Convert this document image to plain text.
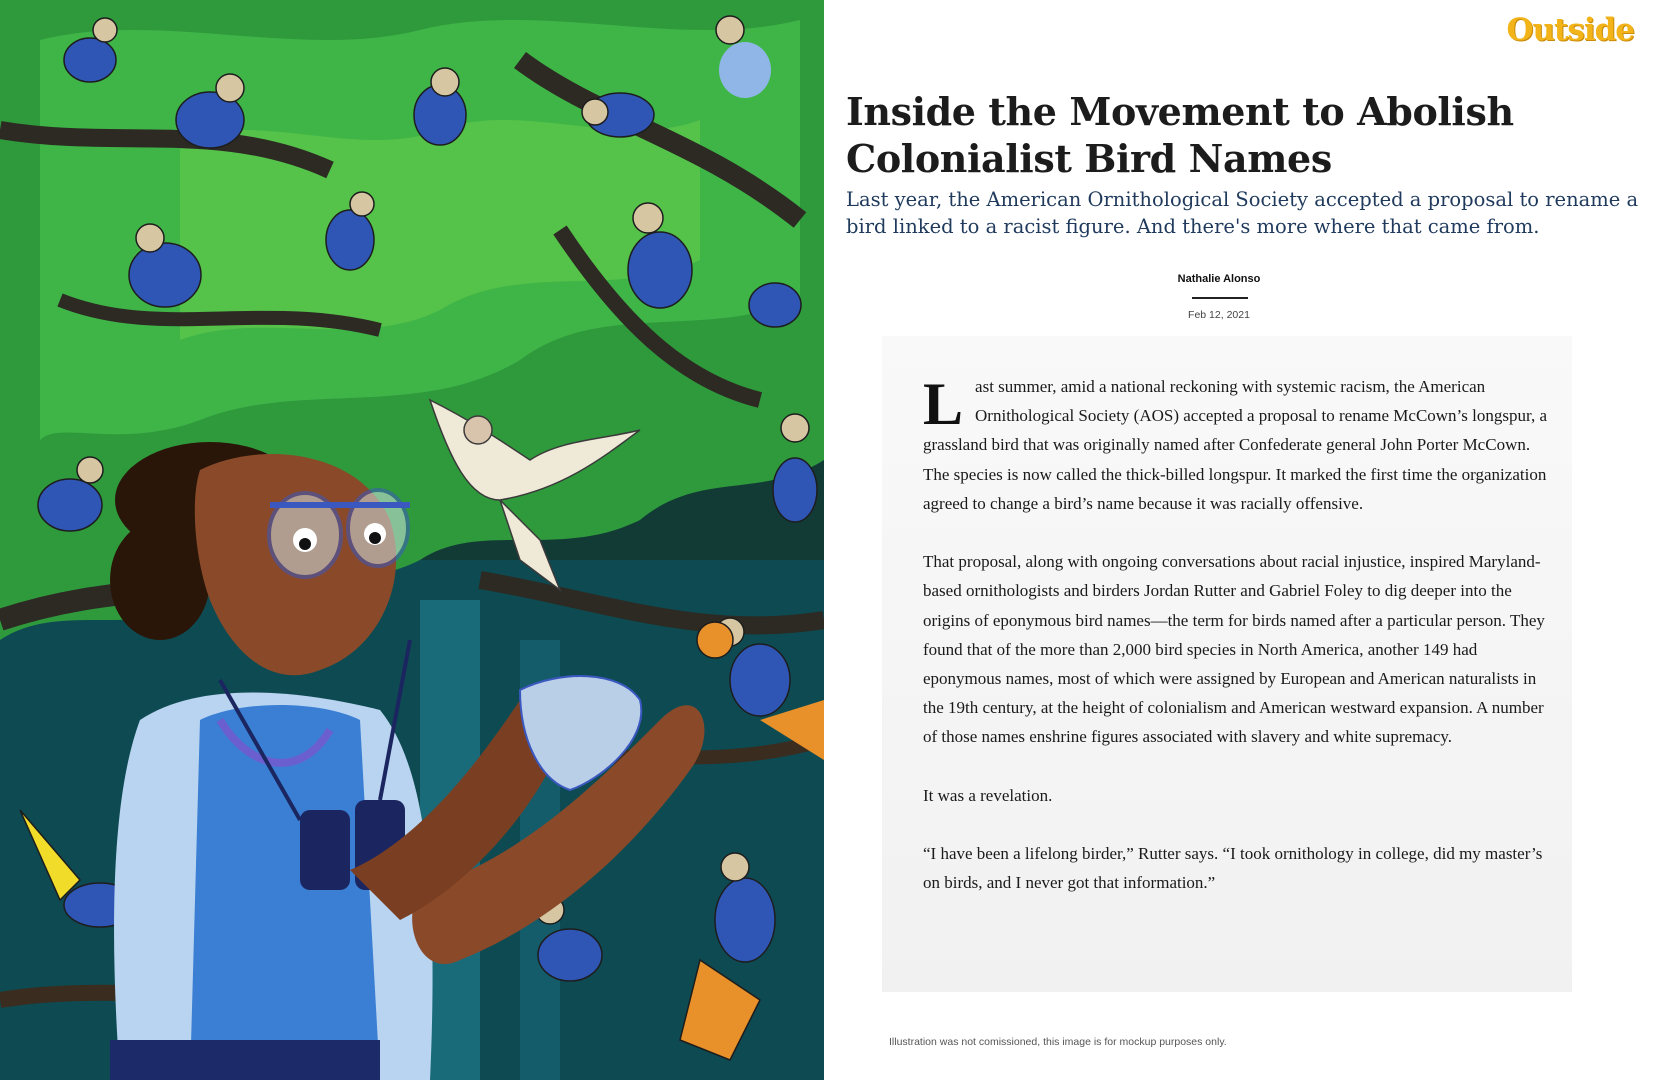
Outside
Inside the Movement to Abolish Colonialist Bird Names

Last year, the American Ornithological Society accepted a proposal to rename a bird linked to a racist figure. And there's more where that came from.

Nathalie Alonso
Feb 12, 2021

Last summer, amid a national reckoning with systemic racism, the American Ornithological Society (AOS) accepted a proposal to rename McCown’s longspur, a grassland bird that was originally named after Confederate general John Porter McCown. The species is now called the thick-billed longspur. It marked the first time the organization agreed to change a bird’s name because it was racially offensive.

That proposal, along with ongoing conversations about racial injustice, inspired Maryland-based ornithologists and birders Jordan Rutter and Gabriel Foley to dig deeper into the origins of eponymous bird names—the term for birds named after a particular person. They found that of the more than 2,000 bird species in North America, another 149 had eponymous names, most of which were assigned by European and American naturalists in the 19th century, at the height of colonialism and American westward expansion. A number of those names enshrine figures associated with slavery and white supremacy.

It was a revelation.

“I have been a lifelong birder,” Rutter says. “I took ornithology in college, did my master’s on birds, and I never got that information.”

Illustration was not comissioned, this image is for mockup purposes only.
